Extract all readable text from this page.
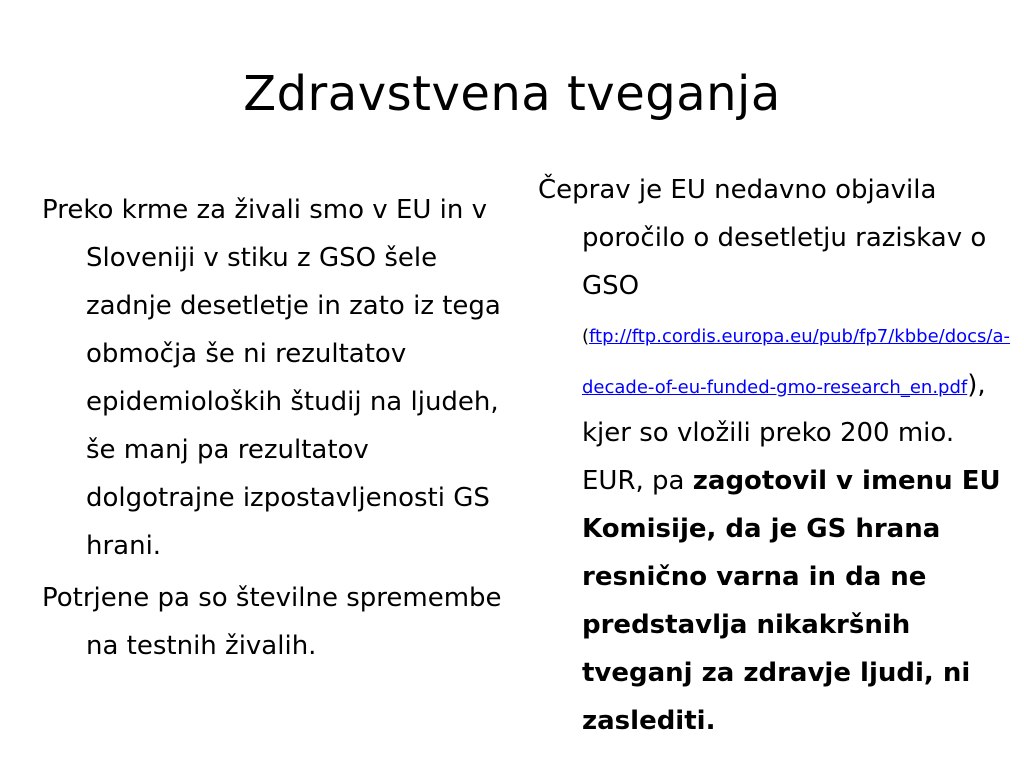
Zdravstvena tveganja

Preko krme za živali smo v EU in v Sloveniji v stiku z GSO šele zadnje desetletje in zato iz tega območja še ni rezultatov epidemioloških študij na ljudeh, še manj pa rezultatov dolgotrajne izpostavljenosti GS hrani.

Potrjene pa so številne spremembe na testnih živalih.

Čeprav je EU nedavno objavila poročilo o desetletju raziskav o GSO (ftp://ftp.cordis.europa.eu/pub/fp7/kbbe/docs/a-decade-of-eu-funded-gmo-research_en.pdf), kjer so vložili preko 200 mio. EUR, pa zagotovil v imenu EU Komisije, da je GS hrana resnično varna in da ne predstavlja nikakršnih tveganj za zdravje ljudi, ni zaslediti.
